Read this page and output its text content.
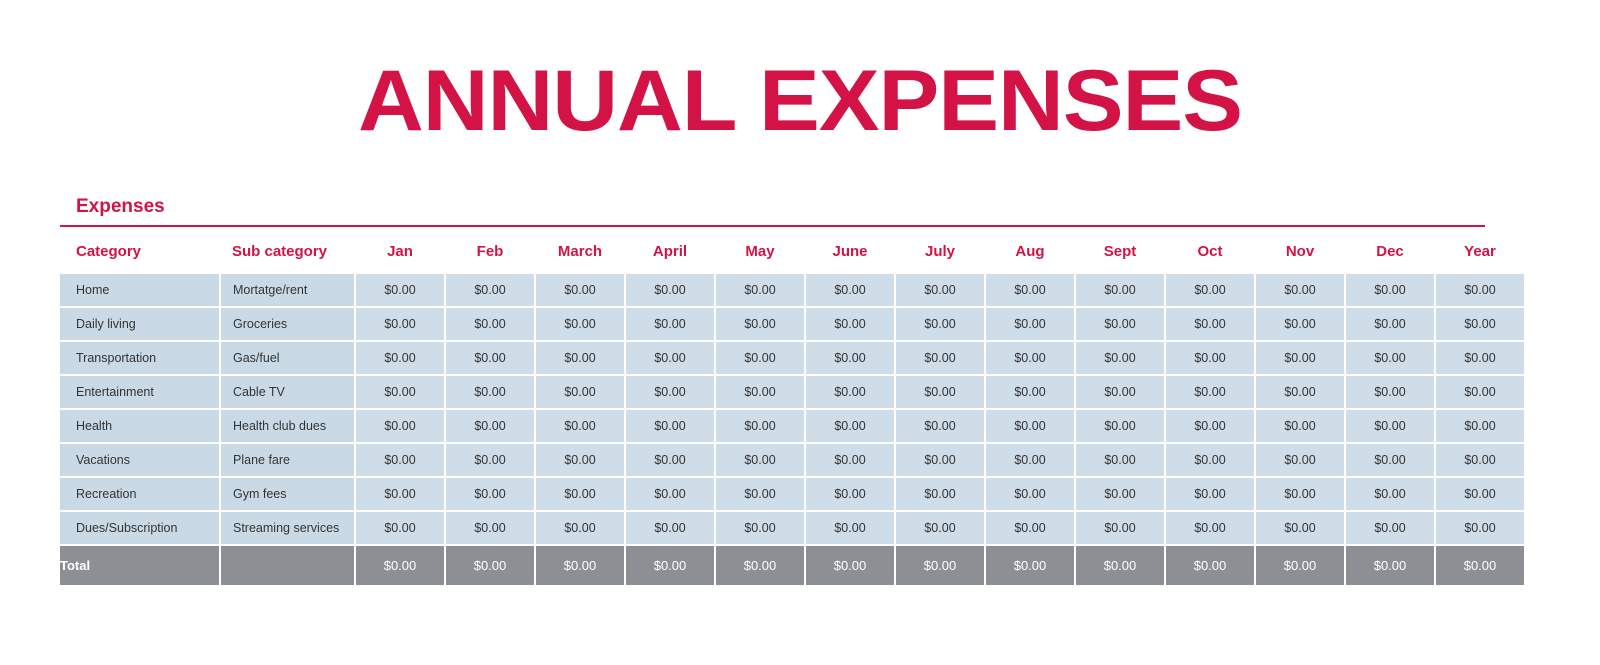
ANNUAL EXPENSES
Expenses
Category	Sub category	Jan	Feb	March	April	May	June	July	Aug	Sept	Oct	Nov	Dec	Year
Home	Mortatge/rent	$0.00	$0.00	$0.00	$0.00	$0.00	$0.00	$0.00	$0.00	$0.00	$0.00	$0.00	$0.00	$0.00
Daily living	Groceries	$0.00	$0.00	$0.00	$0.00	$0.00	$0.00	$0.00	$0.00	$0.00	$0.00	$0.00	$0.00	$0.00
Transportation	Gas/fuel	$0.00	$0.00	$0.00	$0.00	$0.00	$0.00	$0.00	$0.00	$0.00	$0.00	$0.00	$0.00	$0.00
Entertainment	Cable TV	$0.00	$0.00	$0.00	$0.00	$0.00	$0.00	$0.00	$0.00	$0.00	$0.00	$0.00	$0.00	$0.00
Health	Health club dues	$0.00	$0.00	$0.00	$0.00	$0.00	$0.00	$0.00	$0.00	$0.00	$0.00	$0.00	$0.00	$0.00
Vacations	Plane fare	$0.00	$0.00	$0.00	$0.00	$0.00	$0.00	$0.00	$0.00	$0.00	$0.00	$0.00	$0.00	$0.00
Recreation	Gym fees	$0.00	$0.00	$0.00	$0.00	$0.00	$0.00	$0.00	$0.00	$0.00	$0.00	$0.00	$0.00	$0.00
Dues/Subscription	Streaming services	$0.00	$0.00	$0.00	$0.00	$0.00	$0.00	$0.00	$0.00	$0.00	$0.00	$0.00	$0.00	$0.00
Total		$0.00	$0.00	$0.00	$0.00	$0.00	$0.00	$0.00	$0.00	$0.00	$0.00	$0.00	$0.00	$0.00
